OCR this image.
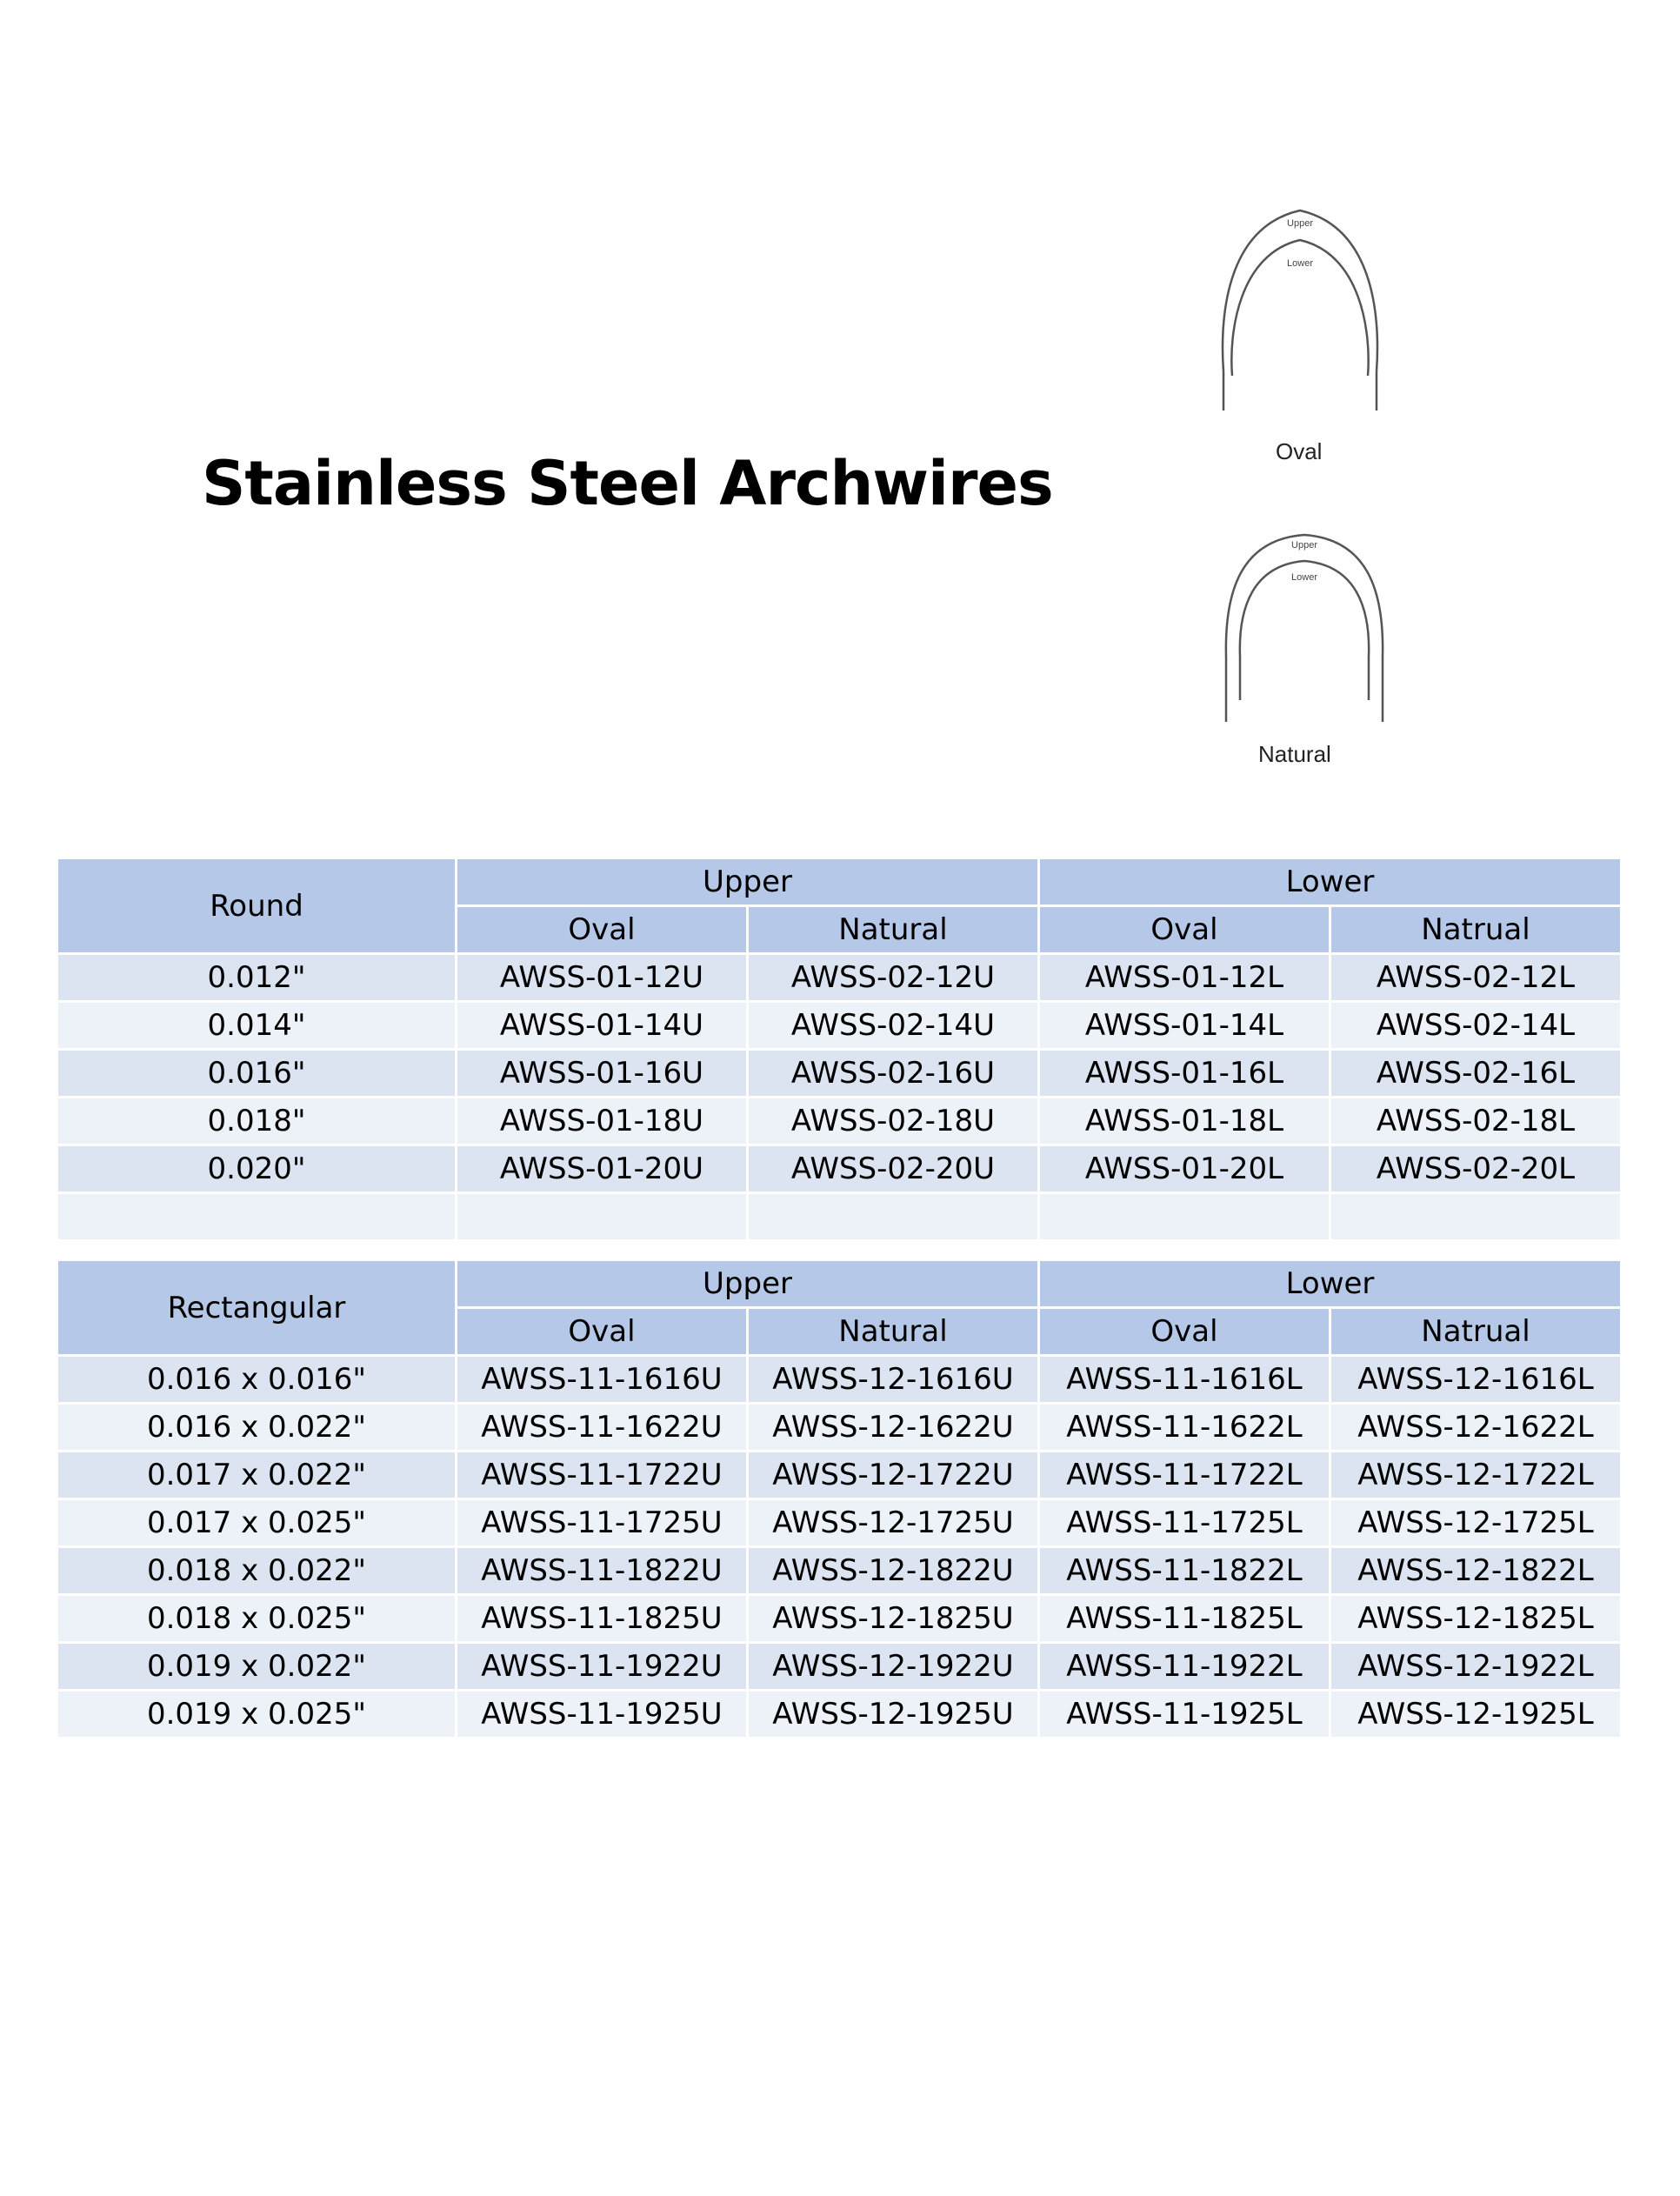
Stainless Steel Archwires
Upper
Lower
Oval
Upper
Lower
Natural
Round	Upper		Lower	
	Oval	Natural	Oval	Natrual
0.012"	AWSS-01-12U	AWSS-02-12U	AWSS-01-12L	AWSS-02-12L
0.014"	AWSS-01-14U	AWSS-02-14U	AWSS-01-14L	AWSS-02-14L
0.016"	AWSS-01-16U	AWSS-02-16U	AWSS-01-16L	AWSS-02-16L
0.018"	AWSS-01-18U	AWSS-02-18U	AWSS-01-18L	AWSS-02-18L
0.020"	AWSS-01-20U	AWSS-02-20U	AWSS-01-20L	AWSS-02-20L

Rectangular	Upper		Lower	
	Oval	Natural	Oval	Natrual
0.016 x 0.016"	AWSS-11-1616U	AWSS-12-1616U	AWSS-11-1616L	AWSS-12-1616L
0.016 x 0.022"	AWSS-11-1622U	AWSS-12-1622U	AWSS-11-1622L	AWSS-12-1622L
0.017 x 0.022"	AWSS-11-1722U	AWSS-12-1722U	AWSS-11-1722L	AWSS-12-1722L
0.017 x 0.025"	AWSS-11-1725U	AWSS-12-1725U	AWSS-11-1725L	AWSS-12-1725L
0.018 x 0.022"	AWSS-11-1822U	AWSS-12-1822U	AWSS-11-1822L	AWSS-12-1822L
0.018 x 0.025"	AWSS-11-1825U	AWSS-12-1825U	AWSS-11-1825L	AWSS-12-1825L
0.019 x 0.022"	AWSS-11-1922U	AWSS-12-1922U	AWSS-11-1922L	AWSS-12-1922L
0.019 x 0.025"	AWSS-11-1925U	AWSS-12-1925U	AWSS-11-1925L	AWSS-12-1925L
